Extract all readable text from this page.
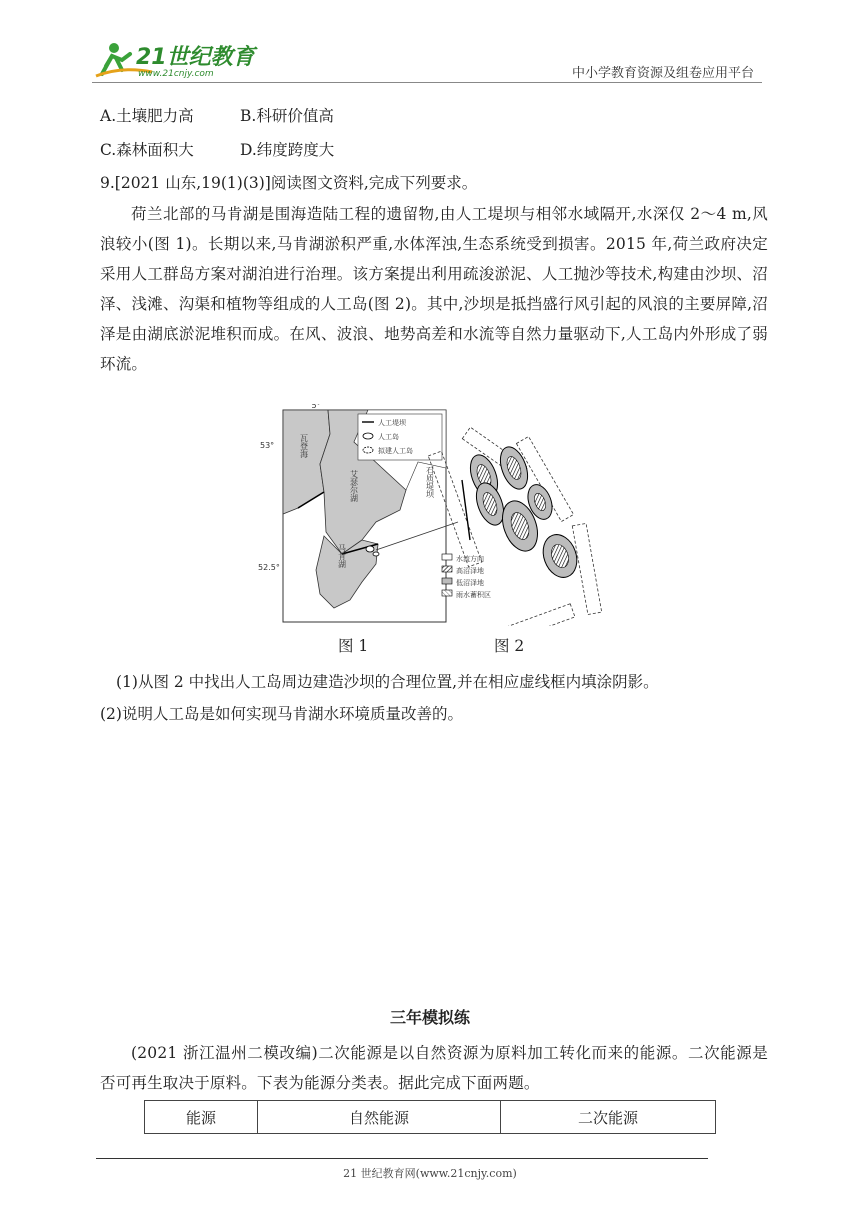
21世纪教育
www.21cnjy.com	中小学教育资源及组卷应用平台
A.土壤肥力高	B.科研价值高
C.森林面积大	D.纬度跨度大
9.[2021 山东,19(1)(3)]阅读图文资料,完成下列要求。
荷兰北部的马肯湖是围海造陆工程的遗留物,由人工堤坝与相邻水域隔开,水深仅 2～4 m,风浪较小(图 1)。长期以来,马肯湖淤积严重,水体浑浊,生态系统受到损害。2015 年,荷兰政府决定采用人工群岛方案对湖泊进行治理。该方案提出利用疏浚淤泥、人工抛沙等技术,构建由沙坝、沼泽、浅滩、沟渠和植物等组成的人工岛(图 2)。其中,沙坝是抵挡盛行风引起的风浪的主要屏障,沼泽是由湖底淤泥堆积而成。在风、波浪、地势高差和水流等自然力量驱动下,人工岛内外形成了弱环流。
5°
53°
52.5°
瓦登海
艾瑟尔湖
马肯湖
人工堤坝
人工岛
拟建人工岛
石质堤坝
水流方向
高沼泽地
低沼泽地
雨水蓄积区
图 1	图 2
(1)从图 2 中找出人工岛周边建造沙坝的合理位置,并在相应虚线框内填涂阴影。
(2)说明人工岛是如何实现马肯湖水环境质量改善的。
三年模拟练
(2021 浙江温州二模改编)二次能源是以自然资源为原料加工转化而来的能源。二次能源是否可再生取决于原料。下表为能源分类表。据此完成下面两题。
能源	自然能源	二次能源
21 世纪教育网(www.21cnjy.com)
